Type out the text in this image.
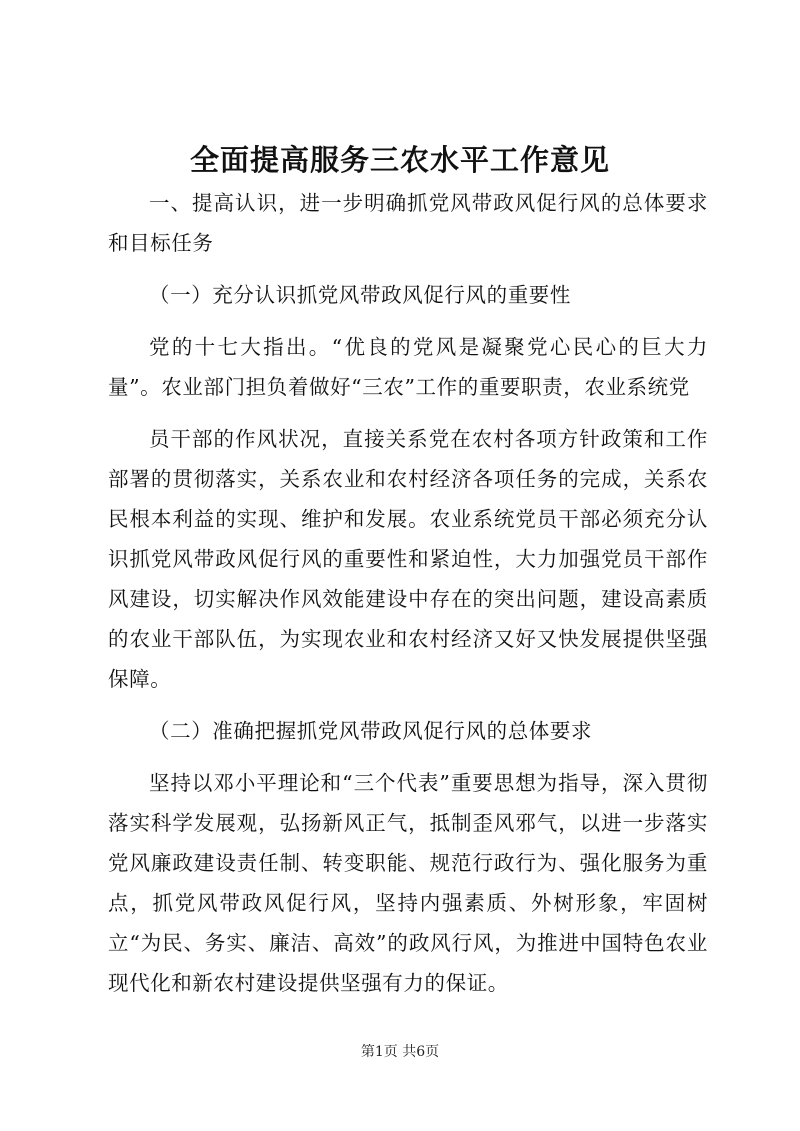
全面提高服务三农水平工作意见

一、提高认识，进一步明确抓党风带政风促行风的总体要求和目标任务

（一）充分认识抓党风带政风促行风的重要性

党的十七大指出。“优良的党风是凝聚党心民心的巨大力量”。农业部门担负着做好“三农”工作的重要职责，农业系统党

员干部的作风状况，直接关系党在农村各项方针政策和工作部署的贯彻落实，关系农业和农村经济各项任务的完成，关系农民根本利益的实现、维护和发展。农业系统党员干部必须充分认识抓党风带政风促行风的重要性和紧迫性，大力加强党员干部作风建设，切实解决作风效能建设中存在的突出问题，建设高素质的农业干部队伍，为实现农业和农村经济又好又快发展提供坚强保障。

（二）准确把握抓党风带政风促行风的总体要求

坚持以邓小平理论和“三个代表”重要思想为指导，深入贯彻落实科学发展观，弘扬新风正气，抵制歪风邪气，以进一步落实党风廉政建设责任制、转变职能、规范行政行为、强化服务为重点，抓党风带政风促行风，坚持内强素质、外树形象，牢固树立“为民、务实、廉洁、高效”的政风行风，为推进中国特色农业现代化和新农村建设提供坚强有力的保证。

第1页 共6页
